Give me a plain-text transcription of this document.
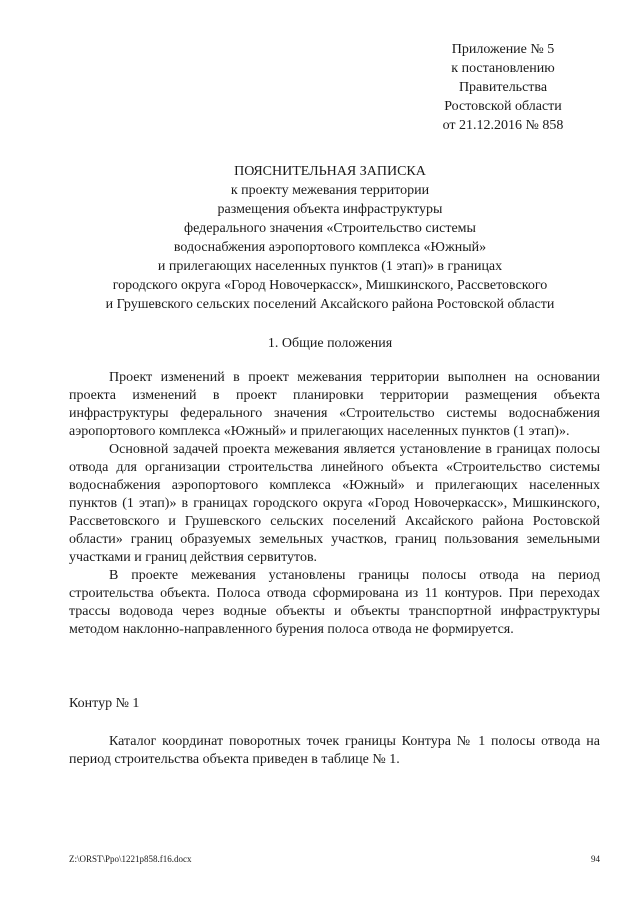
Приложение № 5
к постановлению
Правительства
Ростовской области
от 21.12.2016 № 858
ПОЯСНИТЕЛЬНАЯ ЗАПИСКА
к проекту межевания территории
размещения объекта инфраструктуры
федерального значения «Строительство системы
водоснабжения аэропортового комплекса «Южный»
и прилегающих населенных пунктов (1 этап)» в границах
городского округа «Город Новочеркасск», Мишкинского, Рассветовского
и Грушевского сельских поселений Аксайского района Ростовской области
1. Общие положения

Проект изменений в проект межевания территории выполнен на основании проекта изменений в проект планировки территории размещения объекта инфраструктуры федерального значения «Строительство системы водоснабжения аэропортового комплекса «Южный» и прилегающих населенных пунктов (1 этап)».

Основной задачей проекта межевания является установление в границах полосы отвода для организации строительства линейного объекта «Строительство системы водоснабжения аэропортового комплекса «Южный» и прилегающих населенных пунктов (1 этап)» в границах городского округа «Город Новочеркасск», Мишкинского, Рассветовского и Грушевского сельских поселений Аксайского района Ростовской области» границ образуемых земельных участков, границ пользования земельными участками и границ действия сервитутов.

В проекте межевания установлены границы полосы отвода на период строительства объекта. Полоса отвода сформирована из 11 контуров. При переходах трассы водовода через водные объекты и объекты транспортной инфраструктуры методом наклонно-направленного бурения полоса отвода не формируется.

Контур № 1

Каталог координат поворотных точек границы Контура № 1 полосы отвода на период строительства объекта приведен в таблице № 1.

Z:\ORST\Ppo\1221p858.f16.docx	94
